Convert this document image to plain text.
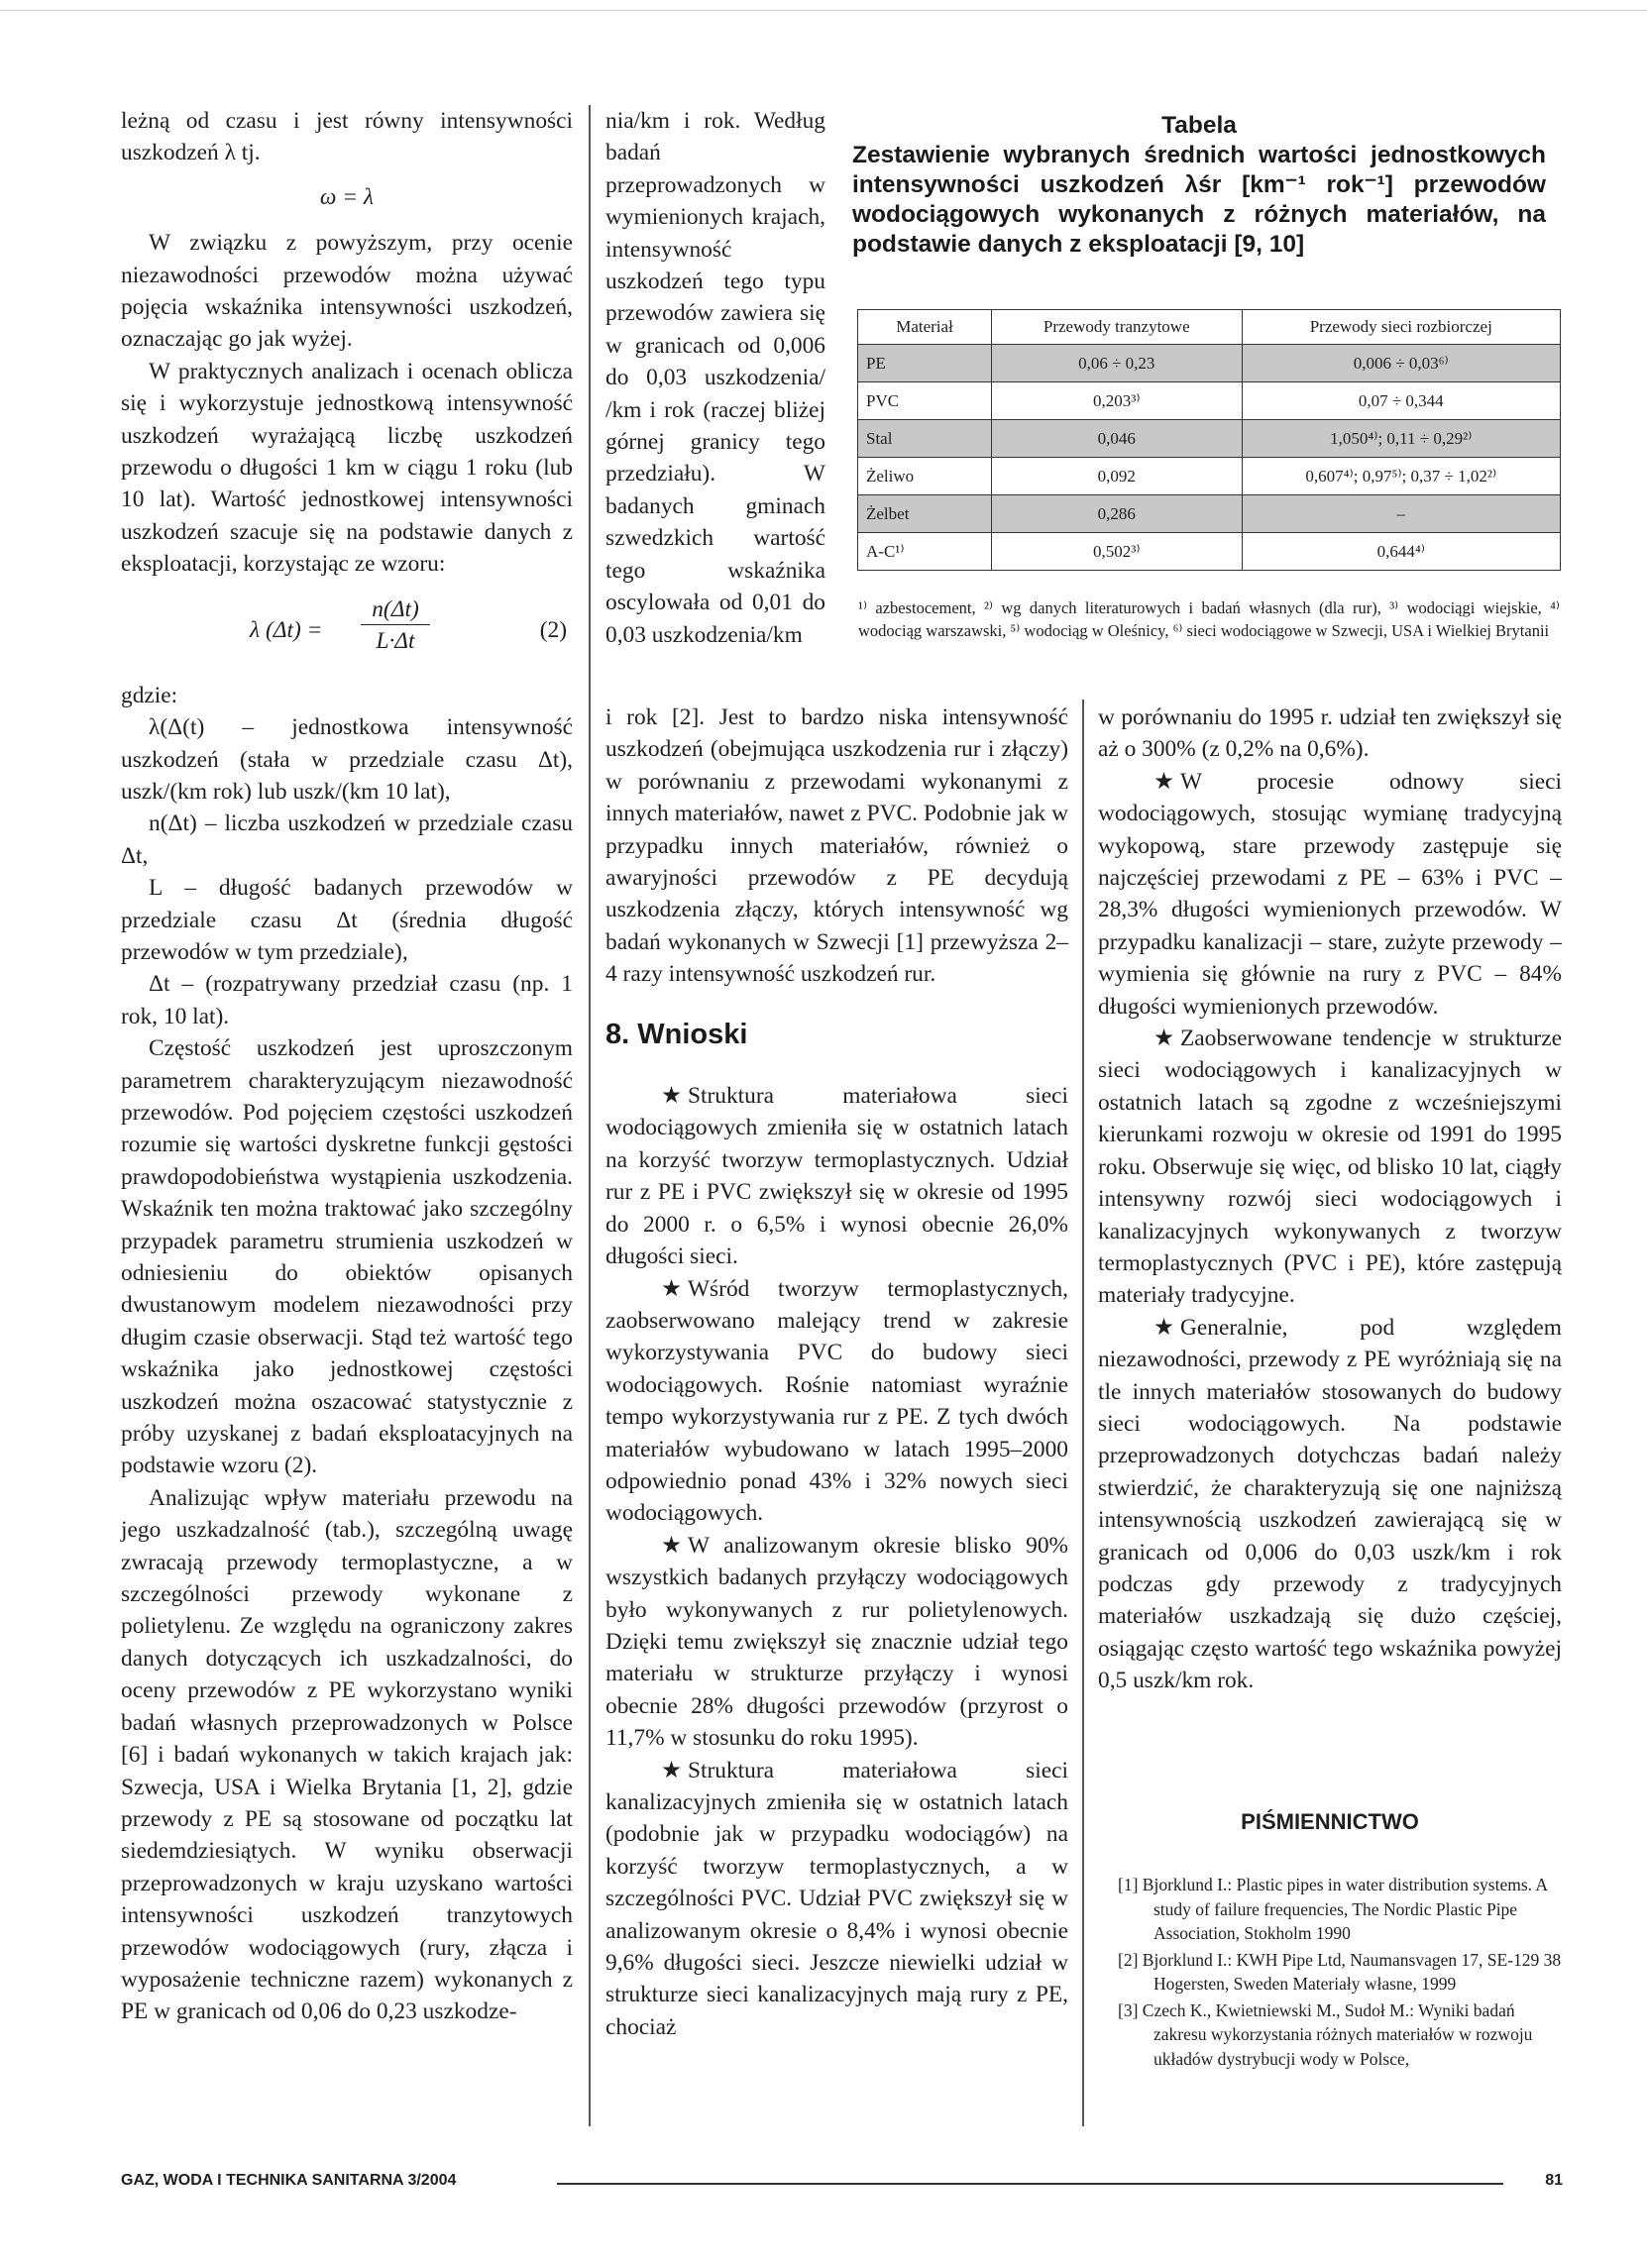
leżną od czasu i jest równy intensywności uszkodzeń λ tj.

ω = λ

W związku z powyższym, przy ocenie niezawodności przewodów można używać pojęcia wskaźnika intensywności uszkodzeń, oznaczając go jak wyżej.

W praktycznych analizach i ocenach oblicza się i wykorzystuje jednostkową intensywność uszkodzeń wyrażającą liczbę uszkodzeń przewodu o długości 1 km w ciągu 1 roku (lub 10 lat). Wartość jednostkowej intensywności uszkodzeń szacuje się na podstawie danych z eksploatacji, korzystając ze wzoru:

λ $(\Delta t) = \frac{n(\Delta t)}{L\cdot\Delta t}$	(2)

gdzie:

λ(Δ(t) – jednostkowa intensywność uszkodzeń (stała w przedziale czasu Δt), uszk/(km rok) lub uszk/(km 10 lat),

n(Δt) – liczba uszkodzeń w przedziale czasu Δt,

L – długość badanych przewodów w przedziale czasu Δt (średnia długość przewodów w tym przedziale),

Δt – (rozpatrywany przedział czasu (np. 1 rok, 10 lat).

Częstość uszkodzeń jest uproszczonym parametrem charakteryzującym niezawodność przewodów. Pod pojęciem częstości uszkodzeń rozumie się wartości dyskretne funkcji gęstości prawdopodobieństwa wystąpienia uszkodzenia. Wskaźnik ten można traktować jako szczególny przypadek parametru strumienia uszkodzeń w odniesieniu do obiektów opisanych dwustanowym modelem niezawodności przy długim czasie obserwacji. Stąd też wartość tego wskaźnika jako jednostkowej częstości uszkodzeń można oszacować statystycznie z próby uzyskanej z badań eksploatacyjnych na podstawie wzoru (2).

Analizując wpływ materiału przewodu na jego uszkadzalność (tab.), szczególną uwagę zwracają przewody termoplastyczne, a w szczególności przewody wykonane z polietylenu. Ze względu na ograniczony zakres danych dotyczących ich uszkadzalności, do oceny przewodów z PE wykorzystano wyniki badań własnych przeprowadzonych w Polsce [6] i badań wykonanych w takich krajach jak: Szwecja, USA i Wielka Brytania [1, 2], gdzie przewody z PE są stosowane od początku lat siedemdziesiątych. W wyniku obserwacji przeprowadzonych w kraju uzyskano wartości intensywności uszkodzeń tranzytowych przewodów wodociągowych (rury, złącza i wyposażenie techniczne razem) wykonanych z PE w granicach od 0,06 do 0,23 uszkodze-

nia/km i rok. Według badań przeprowadzonych w wymienionych krajach, intensywność uszkodzeń tego typu przewodów zawiera się w granicach od 0,006 do 0,03 uszkodzenia/ /km i rok (raczej bliżej górnej granicy tego przedziału). W badanych gminach szwedzkich wartość tego wskaźnika oscylowała od 0,01 do 0,03 uszkodzenia/km

Tabela
Zestawienie wybranych średnich wartości jednostkowych intensywności uszkodzeń λśr [km⁻¹ rok⁻¹] przewodów wodociągowych wykonanych z różnych materiałów, na podstawie danych z eksploatacji [9, 10]
Materiał	Przewody tranzytowe	Przewody sieci rozbiorczej
PE	0,06 ÷ 0,23	0,006 ÷ 0,03⁶⁾
PVC	0,203³⁾	0,07 ÷ 0,344
Stal	0,046	1,050⁴⁾; 0,11 ÷ 0,29²⁾
Żeliwo	0,092	0,607⁴⁾; 0,97⁵⁾; 0,37 ÷ 1,02²⁾
Żelbet	0,286	–
A-C¹⁾	0,502³⁾	0,644⁴⁾
¹⁾ azbestocement, ²⁾ wg danych literaturowych i badań własnych (dla rur), ³⁾ wodociągi wiejskie, ⁴⁾ wodociąg warszawski, ⁵⁾ wodociąg w Oleśnicy, ⁶⁾ sieci wodociągowe w Szwecji, USA i Wielkiej Brytanii

i rok [2]. Jest to bardzo niska intensywność uszkodzeń (obejmująca uszkodzenia rur i złączy) w porównaniu z przewodami wykonanymi z innych materiałów, nawet z PVC. Podobnie jak w przypadku innych materiałów, również o awaryjności przewodów z PE decydują uszkodzenia złączy, których intensywność wg badań wykonanych w Szwecji [1] przewyższa 2–4 razy intensywność uszkodzeń rur.

8. Wnioski

★ Struktura materiałowa sieci wodociągowych zmieniła się w ostatnich latach na korzyść tworzyw termoplastycznych. Udział rur z PE i PVC zwiększył się w okresie od 1995 do 2000 r. o 6,5% i wynosi obecnie 26,0% długości sieci.

★ Wśród tworzyw termoplastycznych, zaobserwowano malejący trend w zakresie wykorzystywania PVC do budowy sieci wodociągowych. Rośnie natomiast wyraźnie tempo wykorzystywania rur z PE. Z tych dwóch materiałów wybudowano w latach 1995–2000 odpowiednio ponad 43% i 32% nowych sieci wodociągowych.

★ W analizowanym okresie blisko 90% wszystkich badanych przyłączy wodociągowych było wykonywanych z rur polietylenowych. Dzięki temu zwiększył się znacznie udział tego materiału w strukturze przyłączy i wynosi obecnie 28% długości przewodów (przyrost o 11,7% w stosunku do roku 1995).

★ Struktura materiałowa sieci kanalizacyjnych zmieniła się w ostatnich latach (podobnie jak w przypadku wodociągów) na korzyść tworzyw termoplastycznych, a w szczególności PVC. Udział PVC zwiększył się w analizowanym okresie o 8,4% i wynosi obecnie 9,6% długości sieci. Jeszcze niewielki udział w strukturze sieci kanalizacyjnych mają rury z PE, chociaż

w porównaniu do 1995 r. udział ten zwiększył się aż o 300% (z 0,2% na 0,6%).

★ W procesie odnowy sieci wodociągowych, stosując wymianę tradycyjną wykopową, stare przewody zastępuje się najczęściej przewodami z PE – 63% i PVC – 28,3% długości wymienionych przewodów. W przypadku kanalizacji – stare, zużyte przewody – wymienia się głównie na rury z PVC – 84% długości wymienionych przewodów.

★ Zaobserwowane tendencje w strukturze sieci wodociągowych i kanalizacyjnych w ostatnich latach są zgodne z wcześniejszymi kierunkami rozwoju w okresie od 1991 do 1995 roku. Obserwuje się więc, od blisko 10 lat, ciągły intensywny rozwój sieci wodociągowych i kanalizacyjnych wykonywanych z tworzyw termoplastycznych (PVC i PE), które zastępują materiały tradycyjne.

★ Generalnie, pod względem niezawodności, przewody z PE wyróżniają się na tle innych materiałów stosowanych do budowy sieci wodociągowych. Na podstawie przeprowadzonych dotychczas badań należy stwierdzić, że charakteryzują się one najniższą intensywnością uszkodzeń zawierającą się w granicach od 0,006 do 0,03 uszk/km i rok podczas gdy przewody z tradycyjnych materiałów uszkadzają się dużo częściej, osiągając często wartość tego wskaźnika powyżej 0,5 uszk/km rok.

PIŚMIENNICTWO
[1] Bjorklund I.: Plastic pipes in water distribution systems. A study of failure frequencies, The Nordic Plastic Pipe Association, Stokholm 1990
[2] Bjorklund I.: KWH Pipe Ltd, Naumansvagen 17, SE-129 38 Hogersten, Sweden Materiały własne, 1999
[3] Czech K., Kwietniewski M., Sudoł M.: Wyniki badań zakresu wykorzystania różnych materiałów w rozwoju układów dystrybucji wody w Polsce,
GAZ, WODA I TECHNIKA SANITARNA 3/2004	81
